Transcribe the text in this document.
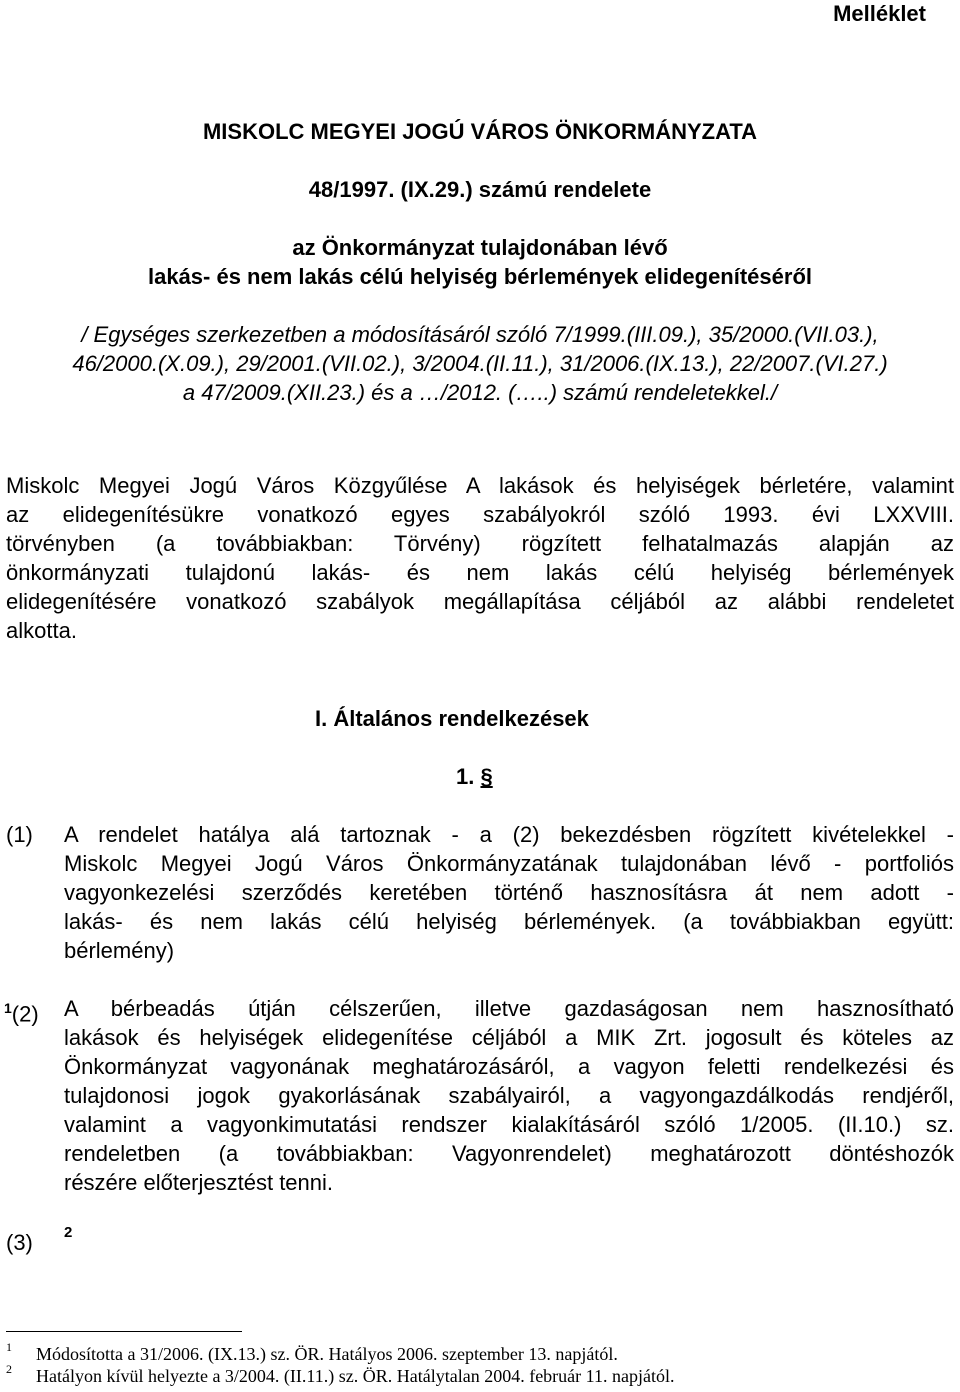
Melléklet
MISKOLC MEGYEI JOGÚ VÁROS ÖNKORMÁNYZATA
48/1997. (IX.29.) számú rendelete
az Önkormányzat tulajdonában lévő
lakás- és nem lakás célú helyiség bérlemények elidegenítéséről
/ Egységes szerkezetben a módosításáról szóló 7/1999.(III.09.), 35/2000.(VII.03.),
46/2000.(X.09.), 29/2001.(VII.02.), 3/2004.(II.11.), 31/2006.(IX.13.), 22/2007.(VI.27.)
a 47/2009.(XII.23.) és a …/2012. (…..) számú rendeletekkel./
Miskolc Megyei Jogú Város Közgyűlése A lakások és helyiségek bérletére, valamint
az elidegenítésükre vonatkozó egyes szabályokról szóló 1993. évi LXXVIII.
törvényben (a továbbiakban: Törvény) rögzített felhatalmazás alapján az
önkormányzati tulajdonú lakás- és nem lakás célú helyiség bérlemények
elidegenítésére vonatkozó szabályok megállapítása céljából az alábbi rendeletet
alkotta.
I. Általános rendelkezések
1. §
(1) A rendelet hatálya alá tartoznak - a (2) bekezdésben rögzített kivételekkel -
Miskolc Megyei Jogú Város Önkormányzatának tulajdonában lévő - portfoliós
vagyonkezelési szerződés keretében történő hasznosításra át nem adott -
lakás- és nem lakás célú helyiség bérlemények. (a továbbiakban együtt:
bérlemény)
$^1$(2) A bérbeadás útján célszerűen, illetve gazdaságosan nem hasznosítható
lakások és helyiségek elidegenítése céljából a MIK Zrt. jogosult és köteles az
Önkormányzat vagyonának meghatározásáról, a vagyon feletti rendelkezési és
tulajdonosi jogok gyakorlásának szabályairól, a vagyongazdálkodás rendjéről,
valamint a vagyonkimutatási rendszer kialakításáról szóló 1/2005. (II.10.) sz.
rendeletben (a továbbiakban: Vagyonrendelet) meghatározott döntéshozók
részére előterjesztést tenni.
(3) 2
1 Módosította a 31/2006. (IX.13.) sz. ÖR. Hatályos 2006. szeptember 13. napjától.
2 Hatályon kívül helyezte a 3/2004. (II.11.) sz. ÖR. Hatálytalan 2004. február 11. napjától.
